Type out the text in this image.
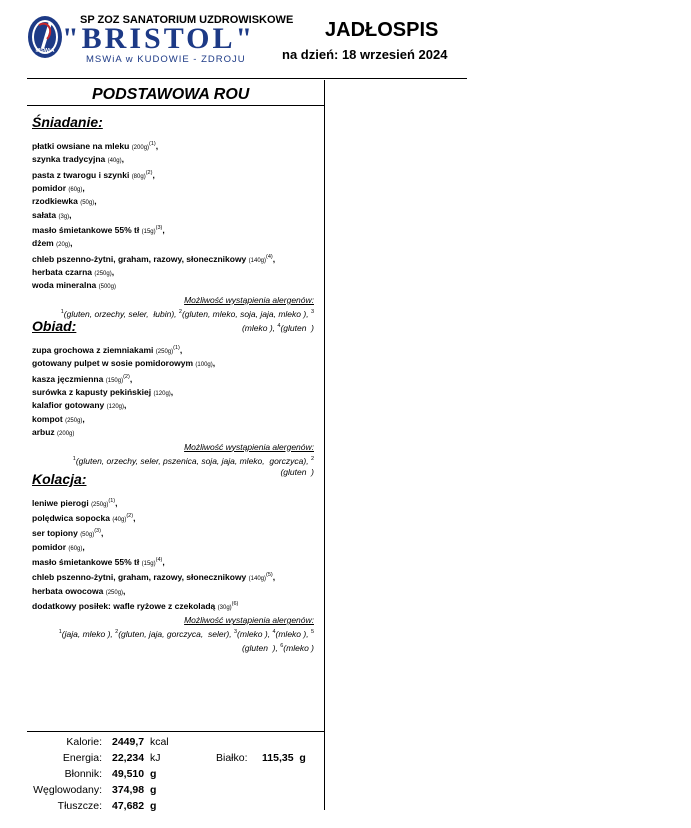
MSWiA
SP ZOZ SANATORIUM UZDROWISKOWE
"BRISTOL"
MSWiA w KUDOWIE - ZDROJU
JADŁOSPIS
na dzień: 18 wrzesień 2024
PODSTAWOWA ROU
Śniadanie:
płatki owsiane na mleku $(200g)^{(1)}$,
szynka tradycyjna (40g),
pasta z twarogu i szynki $(80g)^{(2)}$,
pomidor (60g),
rzodkiewka (50g),
sałata (3g),
masło śmietankowe 55% tł $(15g)^{(3)}$,
dżem (20g),
chleb pszenno-żytni, graham, razowy, słonecznikowy $(140g)^{(4)}$,
herbata czarna (250g),
woda mineralna (500g)
Możliwość wystąpienia alergenów:
$^1$(gluten, orzechy, seler,  łubin), $^2$(gluten, mleko, soja, jaja, mleko ), $^3$
(mleko ), $^4$(gluten  )
Obiad:
zupa grochowa z ziemniakami $(250g)^{(1)}$,
gotowany pulpet w sosie pomidorowym (100g),
kasza jęczmienna $(150g)^{(2)}$,
surówka z kapusty pekińskiej (120g),
kalafior gotowany (120g),
kompot (250g),
arbuz (200g)
Możliwość wystąpienia alergenów:
$^1$(gluten, orzechy, seler, pszenica, soja, jaja, mleko,  gorczyca), $^2$
(gluten  )
Kolacja:
leniwe pierogi $(250g)^{(1)}$,
polędwica sopocka $(40g)^{(2)}$,
ser topiony $(50g)^{(3)}$,
pomidor (60g),
masło śmietankowe 55% tł $(15g)^{(4)}$,
chleb pszenno-żytni, graham, razowy, słonecznikowy $(140g)^{(5)}$,
herbata owocowa (250g),
dodatkowy posiłek: wafle ryżowe z czekoladą $(30g)^{(6)}$
Możliwość wystąpienia alergenów:
$^1$(jaja, mleko ), $^2$(gluten, jaja, gorczyca,  seler), $^3$(mleko ), $^4$(mleko ), $^5$
(gluten  ), $^6$(mleko )
Kalorie: 2449,7 kcal
Energia: 22,234 kJ	Białko: 115,35 g
Błonnik: 49,510 g
Węglowodany: 374,98 g
Tłuszcze: 47,682 g
